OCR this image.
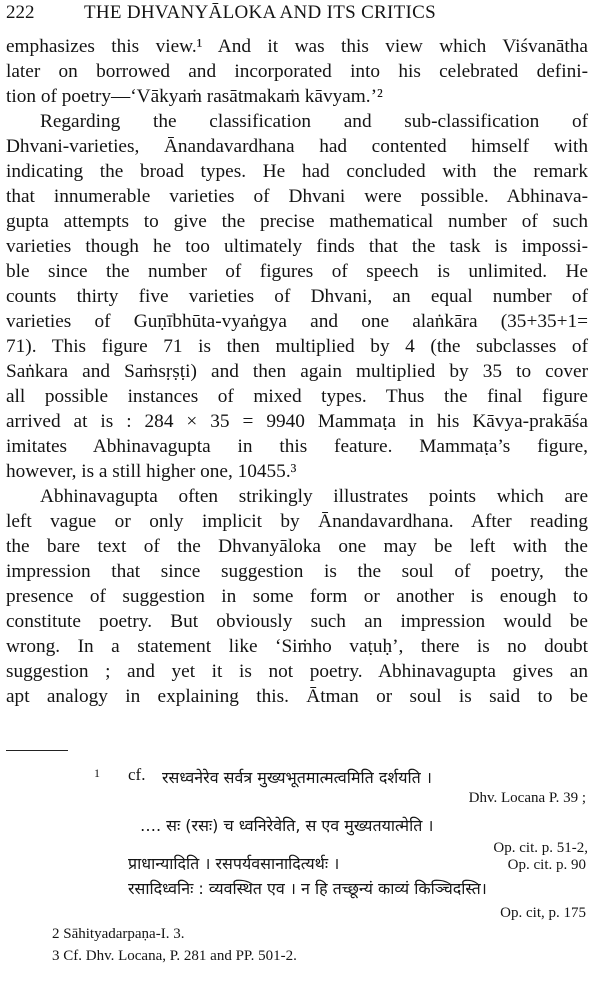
222	THE DHVANYĀLOKA AND ITS CRITICS
emphasizes this view.¹ And it was this view which Viśvanātha
later on borrowed and incorporated into his celebrated defini-
tion of poetry—‘Vākyaṁ rasātmakaṁ kāvyam.’²
Regarding the classification and sub-classification of
Dhvani-varieties, Ānandavardhana had contented himself with
indicating the broad types. He had concluded with the remark
that innumerable varieties of Dhvani were possible. Abhinava-
gupta attempts to give the precise mathematical number of such
varieties though he too ultimately finds that the task is impossi-
ble since the number of figures of speech is unlimited. He
counts thirty five varieties of Dhvani, an equal number of
varieties of Guṇībhūta-vyaṅgya and one alaṅkāra (35+35+1=
71). This figure 71 is then multiplied by 4 (the subclasses of
Saṅkara and Saṁsṛṣṭi) and then again multiplied by 35 to cover
all possible instances of mixed types. Thus the final figure
arrived at is : 284 × 35 = 9940 Mammaṭa in his Kāvya-prakāśa
imitates Abhinavagupta in this feature. Mammaṭa’s figure,
however, is a still higher one, 10455.³
Abhinavagupta often strikingly illustrates points which are
left vague or only implicit by Ānandavardhana. After reading
the bare text of the Dhvanyāloka one may be left with the
impression that since suggestion is the soul of poetry, the
presence of suggestion in some form or another is enough to
constitute poetry. But obviously such an impression would be
wrong. In a statement like ‘Siṁho vaṭuḥ’, there is no doubt
suggestion ; and yet it is not poetry. Abhinavagupta gives an
apt analogy in explaining this. Ātman or soul is said to be
1 cf. रसध्वनेरेव सर्वत्र मुख्यभूतमात्मत्वमिति दर्शयति ।
Dhv. Locana P. 39 ;
…. सः (रसः) च ध्वनिरेवेति, स एव मुख्यतयात्मेति ।
Op. cit. p. 51-2,
प्राधान्यादिति । रसपर्यवसानादित्यर्थः ।	Op. cit. p. 90
रसादिध्वनिः : व्यवस्थित एव । न हि तच्छून्यं काव्यं किञ्चिदस्ति।
Op. cit, p. 175
2 Sāhityadarpaṇa-I. 3.
3 Cf. Dhv. Locana, P. 281 and PP. 501-2.
